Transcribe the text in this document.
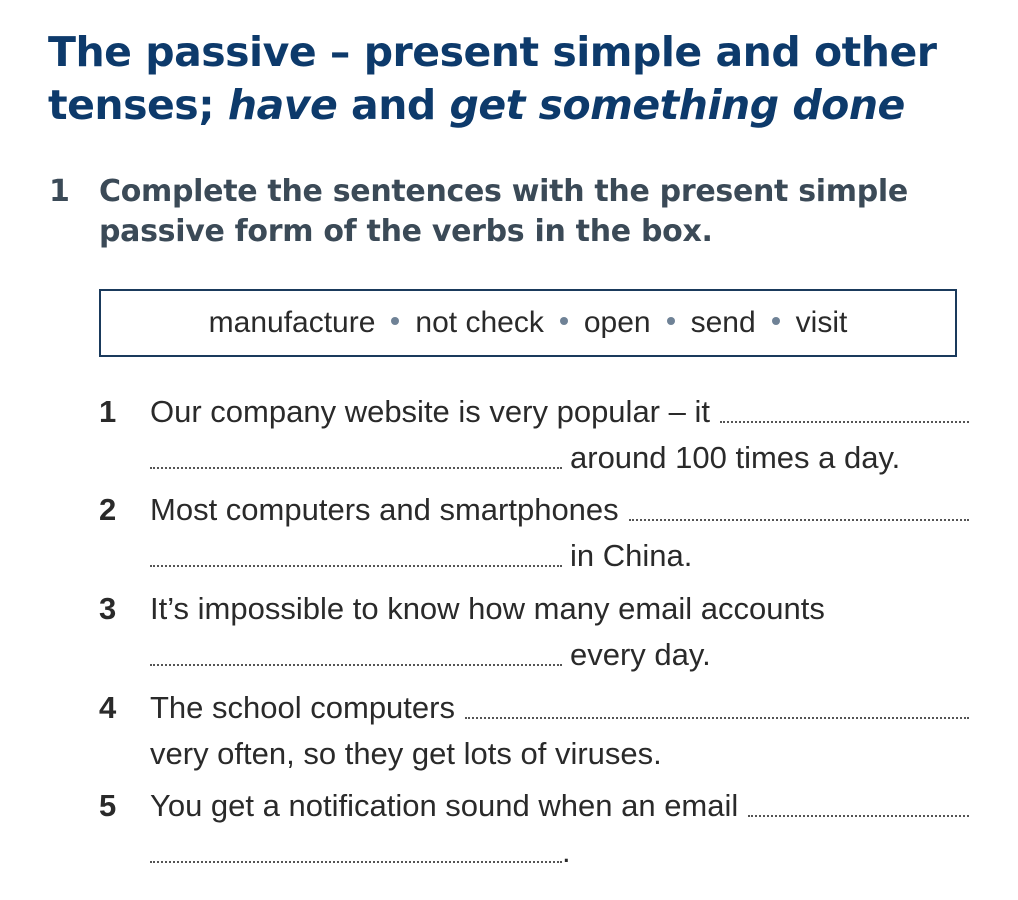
The passive – present simple and other
tenses; have and get something done
1 Complete the sentences with the present simple
passive form of the verbs in the box.
manufacture not check open send visit
1	Our company website is very popular – it
around 100 times a day.
2	Most computers and smartphones
in China.
3	It’s impossible to know how many email accounts
every day.
4	The school computers
very often, so they get lots of viruses.
5	You get a notification sound when an email
.
